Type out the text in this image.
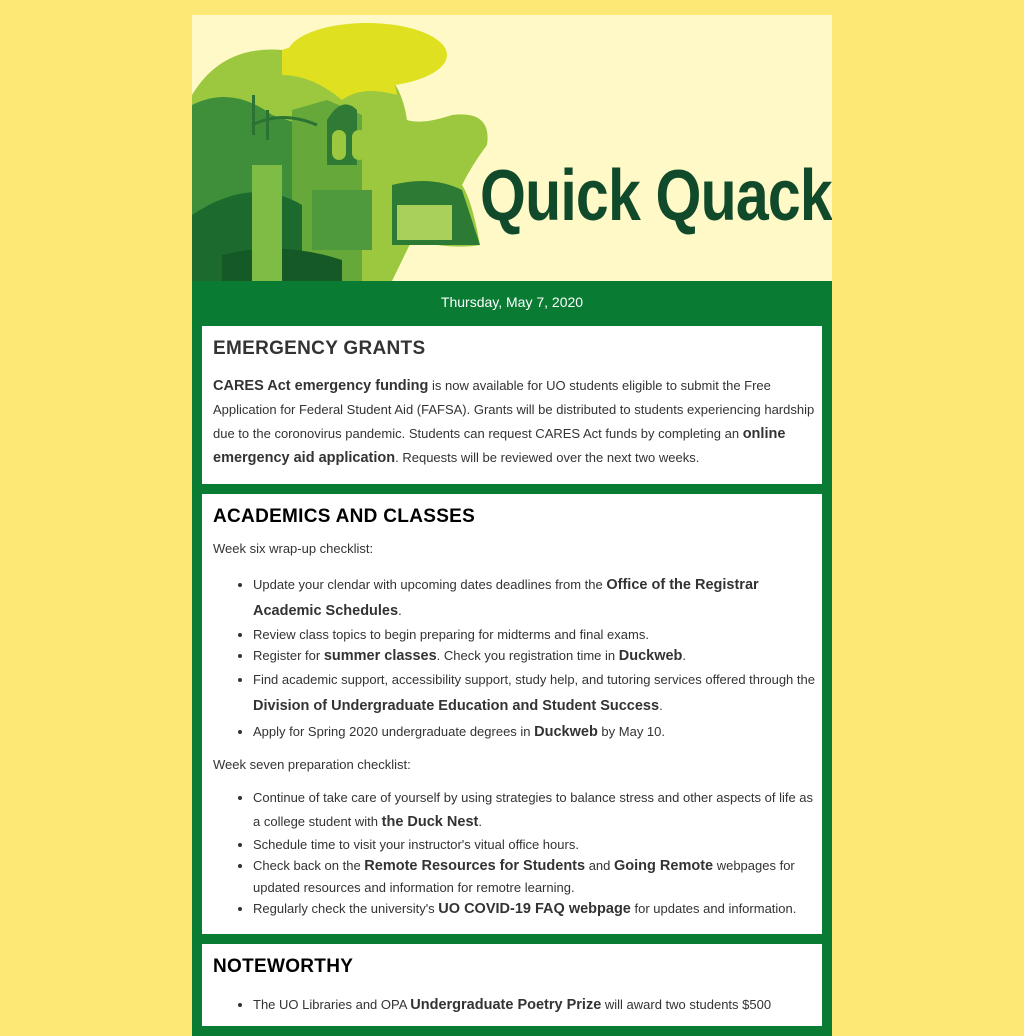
Quick Quack
Thursday, May 7, 2020
EMERGENCY GRANTS

CARES Act emergency funding is now available for UO students eligible to submit the Free Application for Federal Student Aid (FAFSA). Grants will be distributed to students experiencing hardship due to the coronovirus pandemic. Students can request CARES Act funds by completing an online emergency aid application. Requests will be reviewed over the next two weeks.

ACADEMICS AND CLASSES

Week six wrap-up checklist:

• Update your clendar with upcoming dates deadlines from the Office of the Registrar Academic Schedules.
• Review class topics to begin preparing for midterms and final exams.
• Register for summer classes. Check you registration time in Duckweb.
• Find academic support, accessibility support, study help, and tutoring services offered through the Division of Undergraduate Education and Student Success.
• Apply for Spring 2020 undergraduate degrees in Duckweb by May 10.

Week seven preparation checklist:

• Continue of take care of yourself by using strategies to balance stress and other aspects of life as a college student with the Duck Nest.
• Schedule time to visit your instructor's vitual office hours.
• Check back on the Remote Resources for Students and Going Remote webpages for updated resources and information for remotre learning.
• Regularly check the university's UO COVID-19 FAQ webpage for updates and information.
NOTEWORTHY
• The UO Libraries and OPA Undergraduate Poetry Prize will award two students $500
